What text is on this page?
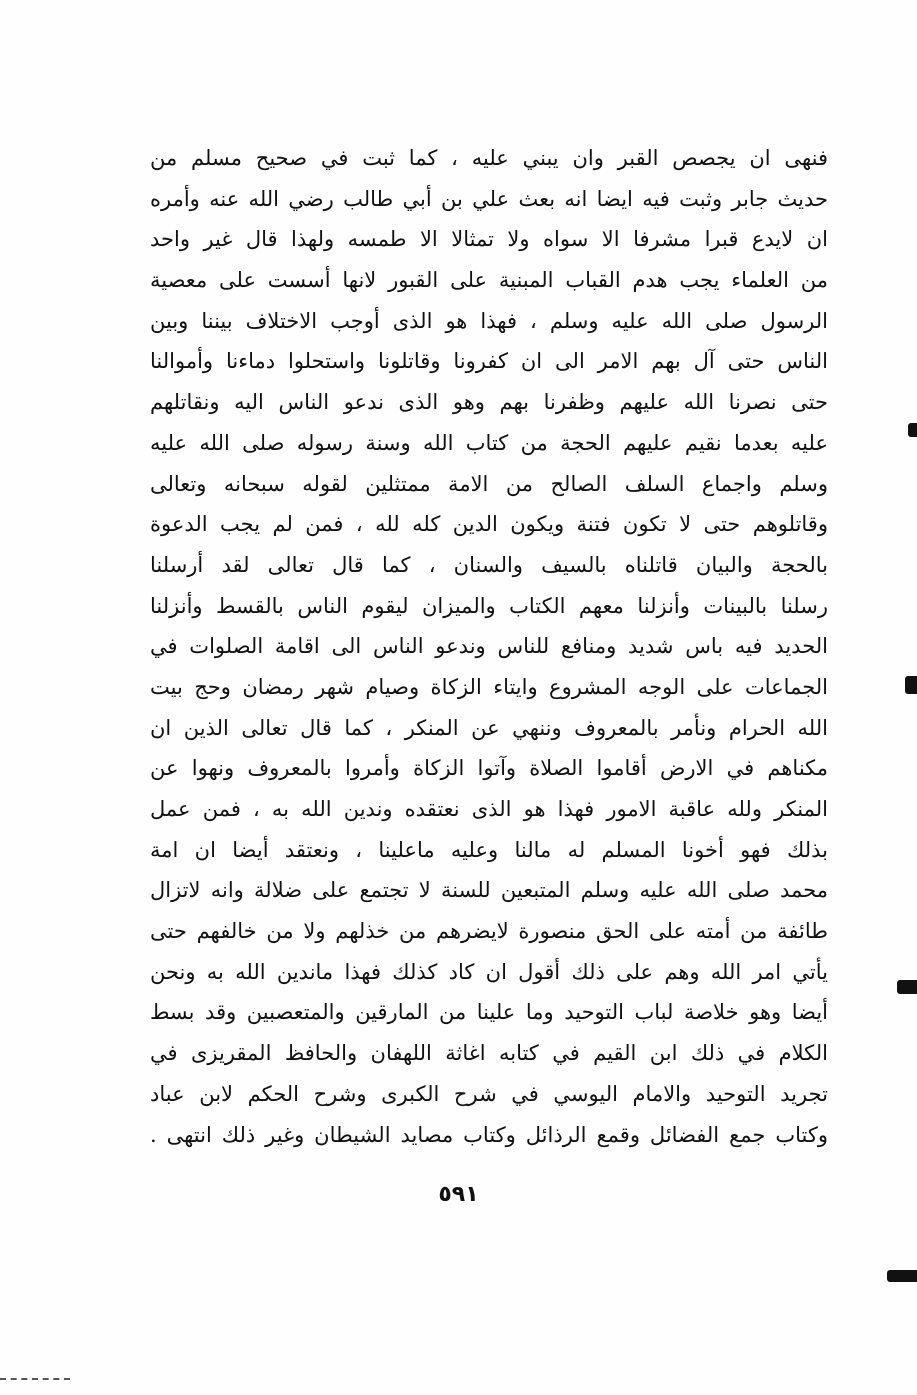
فنهى ان يجصص القبر وان يبني عليه ، كما ثبت في صحيح مسلم من
حديث جابر وثبت فيه ايضا انه بعث علي بن أبي طالب رضي الله عنه وأمره
ان لايدع قبرا مشرفا الا سواه ولا تمثالا الا طمسه ولهذا قال غير واحد
من العلماء يجب هدم القباب المبنية على القبور لانها أسست على معصية
الرسول صلى الله عليه وسلم ، فهذا هو الذى أوجب الاختلاف بيننا وبين
الناس حتى آل بهم الامر الى ان كفرونا وقاتلونا واستحلوا دماءنا وأموالنا
حتى نصرنا الله عليهم وظفرنا بهم وهو الذى ندعو الناس اليه ونقاتلهم
عليه بعدما نقيم عليهم الحجة من كتاب الله وسنة رسوله صلى الله عليه
وسلم واجماع السلف الصالح من الامة ممتثلين لقوله سبحانه وتعالى
وقاتلوهم حتى لا تكون فتنة ويكون الدين كله لله ، فمن لم يجب الدعوة
بالحجة والبيان قاتلناه بالسيف والسنان ، كما قال تعالى لقد أرسلنا
رسلنا بالبينات وأنزلنا معهم الكتاب والميزان ليقوم الناس بالقسط وأنزلنا
الحديد فيه باس شديد ومنافع للناس وندعو الناس الى اقامة الصلوات في
الجماعات على الوجه المشروع وايتاء الزكاة وصيام شهر رمضان وحج بيت
الله الحرام ونأمر بالمعروف وننهي عن المنكر ، كما قال تعالى الذين ان
مكناهم في الارض أقاموا الصلاة وآتوا الزكاة وأمروا بالمعروف ونهوا عن
المنكر ولله عاقبة الامور فهذا هو الذى نعتقده وندين الله به ، فمن عمل
بذلك فهو أخونا المسلم له مالنا وعليه ماعلينا ، ونعتقد أيضا ان امة
محمد صلى الله عليه وسلم المتبعين للسنة لا تجتمع على ضلالة وانه لاتزال
طائفة من أمته على الحق منصورة لايضرهم من خذلهم ولا من خالفهم حتى
يأتي امر الله وهم على ذلك أقول ان كاد كذلك فهذا ماندين الله به ونحن
أيضا وهو خلاصة لباب التوحيد وما علينا من المارقين والمتعصبين وقد بسط
الكلام في ذلك ابن القيم في كتابه اغاثة اللهفان والحافظ المقريزى في
تجريد التوحيد والامام اليوسي في شرح الكبرى وشرح الحكم لابن عباد
وكتاب جمع الفضائل وقمع الرذائل وكتاب مصايد الشيطان وغير ذلك انتهى .
٥٩١
